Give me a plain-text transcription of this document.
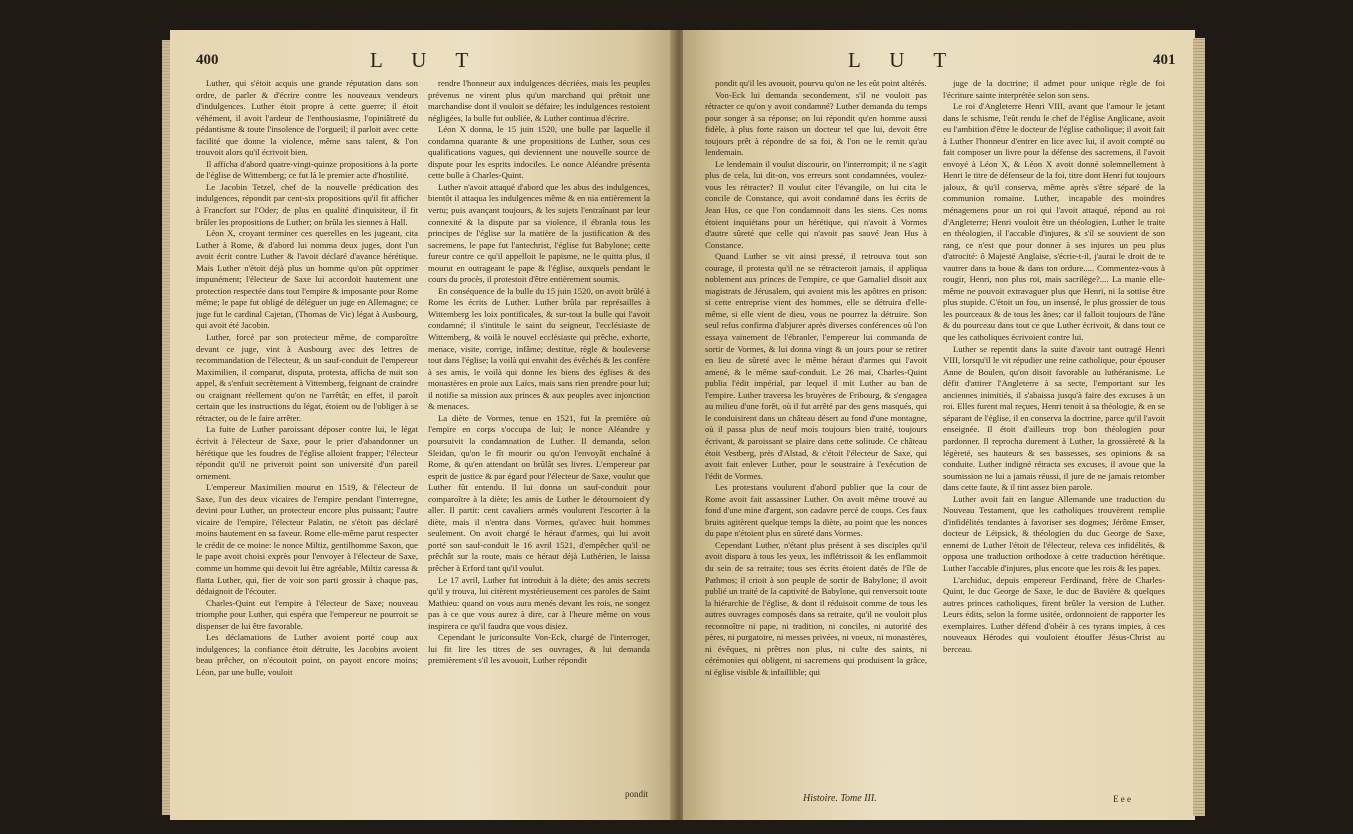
400	L U T

Luther, qui s'étoit acquis une grande réputation dans son ordre, de parler & d'écrire contre les nouveaux vendeurs d'indulgences. Luther étoit propre à cette guerre; il étoit véhément, il avoit l'ardeur de l'enthousiasme, l'opiniâtreté du pédantisme & toute l'insolence de l'orgueil; il parloit avec cette facilité que donne la violence, même sans talent, & l'on trouvoit alors qu'il écrivoit bien.

Il afficha d'abord quatre-vingt-quinze propositions à la porte de l'église de Wittemberg; ce fut là le premier acte d'hostilité.

Le Jacobin Tetzel, chef de la nouvelle prédication des indulgences, répondit par cent-six propositions qu'il fit afficher à Francfort sur l'Oder; de plus en qualité d'inquisiteur, il fit brûler les propositions de Luther; on brûla les siennes à Hall.

Léon X, croyant terminer ces querelles en les jugeant, cita Luther à Rome, & d'abord lui nomma deux juges, dont l'un avoit écrit contre Luther & l'avoit déclaré d'avance hérétique. Mais Luther n'étoit déjà plus un homme qu'on pût opprimer impunément; l'électeur de Saxe lui accordoit hautement une protection respectée dans tout l'empire & imposante pour Rome même; le pape fut obligé de déléguer un juge en Allemagne; ce juge fut le cardinal Cajetan, (Thomas de Vic) légat à Ausbourg, qui avoit été Jacobin.

Luther, forcé par son protecteur même, de comparoître devant ce juge, vint à Ausbourg avec des lettres de recommandation de l'électeur, & un sauf-conduit de l'empereur Maximilien, il comparut, disputa, protesta, afficha de nuit son appel, & s'enfuit secrètement à Vittemberg, feignant de craindre ou craignant réellement qu'on ne l'arrêtât; en effet, il paroît certain que les instructions du légat, étoient ou de l'obliger à se rétracter, ou de le faire arrêter.

La fuite de Luther paroissant déposer contre lui, le légat écrivit à l'électeur de Saxe, pour le prier d'abandonner un hérétique que les foudres de l'église alloient frapper; l'électeur répondit qu'il ne priveroit point son université d'un pareil ornement.

L'empereur Maximilien mourut en 1519, & l'électeur de Saxe, l'un des deux vicaires de l'empire pendant l'interregne, devint pour Luther, un protecteur encore plus puissant; l'autre vicaire de l'empire, l'électeur Palatin, ne s'étoit pas déclaré moins hautement en sa faveur. Rome elle-même parut respecter le crédit de ce moine: le nonce Miltiz, gentilhomme Saxon, que le pape avoit choisi exprès pour l'envoyer à l'électeur de Saxe, comme un homme qui devoit lui être agréable, Miltiz caressa & flatta Luther, qui, fier de voir son parti grossir à chaque pas, dédaignoit de l'écouter.

Charles-Quint eut l'empire à l'électeur de Saxe; nouveau triomphe pour Luther, qui espéra que l'empereur ne pourroit se dispenser de lui être favorable.

Les déclamations de Luther avoient porté coup aux indulgences; la confiance étoit détruite, les Jacobins avoient beau prêcher, on n'écoutoit point, on payoit encore moins; Léon, par une bulle, vouloit

rendre l'honneur aux indulgences décriées, mais les peuples prévenus ne virent plus qu'un marchand qui prêtoit une marchandise dont il vouloit se défaire; les indulgences restoient négligées, la bulle fut oubliée, & Luther continua d'écrire.

Léon X donna, le 15 juin 1520, une bulle par laquelle il condamna quarante & une propositions de Luther, sous ces qualifications vagues, qui deviennent une nouvelle source de dispute pour les esprits indociles. Le nonce Aléandre présenta cette bulle à Charles-Quint.

Luther n'avoit attaqué d'abord que les abus des indulgences, bientôt il attaqua les indulgences même & en nia entièrement la vertu; puis avançant toujours, & les sujets l'entraînant par leur connexité & la dispute par sa violence, il ébranla tous les principes de l'église sur la matière de la justification & des sacremens, le pape fut l'antechrist, l'église fut Babylone; cette fureur contre ce qu'il appelloit le papisme, ne le quitta plus, il mourut en outrageant le pape & l'église, auxquels pendant le cours du procès, il protestoit d'être entièrement soumis.

En conséquence de la bulle du 15 juin 1520, on avoit brûlé à Rome les écrits de Luther. Luther brûla par représailles à Wittemberg les loix pontificales, & sur-tout la bulle qui l'avoit condamné; il s'intitule le saint du seigneur, l'ecclésiaste de Wittemberg, & voilà le nouvel ecclésiaste qui prêche, exhorte, menace, visite, corrige, infâme; destitue, règle & bouleverse tout dans l'église; la voilà qui envahit des évêchés & les confère à ses amis, le voilà qui donne les biens des églises & des monastères en proie aux Laïcs, mais sans rien prendre pour lui; il notifie sa mission aux princes & aux peuples avec injonction & menaces.

La diète de Vormes, tenue en 1521, fut la première où l'empire en corps s'occupa de lui; le nonce Aléandre y poursuivit la condamnation de Luther. Il demanda, selon Sleidan, qu'on le fît mourir ou qu'on l'envoyât enchaîné à Rome, & qu'en attendant on brûlât ses livres. L'empereur par esprit de justice & par égard pour l'électeur de Saxe, voulut que Luther fût entendu. Il lui donna un sauf-conduit pour comparoître à la diète; les amis de Luther le détournoient d'y aller. Il partit: cent cavaliers armés voulurent l'escorter à la diète, mais il n'entra dans Vormes, qu'avec huit hommes seulement. On avoit chargé le héraut d'armes, qui lui avoit porté son sauf-conduit le 16 avril 1521, d'empêcher qu'il ne prêchât sur la route, mais ce héraut déjà Luthérien, le laissa prêcher à Erford tant qu'il voulut.

Le 17 avril, Luther fut introduit à la diète; des amis secrets qu'il y trouva, lui citèrent mystérieusement ces paroles de Saint Mathieu: quand on vous aura menés devant les rois, ne songez pas à ce que vous aurez à dire, car à l'heure même on vous inspirera ce qu'il faudra que vous disiez.

Cependant le juriconsulte Von-Eck, chargé de l'interroger, lui fit lire les titres de ses ouvrages, & lui demanda premièrement s'il les avouoit, Luther répondit

pondit
L U T	401

pondit qu'il les avouoit, pourvu qu'on ne les eût point altérés.

Von-Eck lui demanda secondement, s'il ne vouloit pas rétracter ce qu'on y avoit condamné? Luther demanda du temps pour songer à sa réponse; on lui répondit qu'en homme aussi fidèle, à plus forte raison un docteur tel que lui, devoit être toujours prêt à répondre de sa foi, & l'on ne le remit qu'au lendemain.

Le lendemain il voulut discourir, on l'interrompit; il ne s'agit plus de cela, lui dit-on, vos erreurs sont condamnées, voulez-vous les rétracter? Il voulut citer l'évangile, on lui cita le concile de Constance, qui avoit condamné dans les écrits de Jean Hus, ce que l'on condamnoit dans les siens. Ces noms étoient inquiétans pour un hérétique, qui n'avoit à Vormes d'autre sûreté que celle qui n'avoit pas sauvé Jean Hus à Constance.

Quand Luther se vit ainsi pressé, il retrouva tout son courage, il protesta qu'il ne se rétracteroit jamais, il appliqua noblement aux princes de l'empire, ce que Gamaliel disoit aux magistrats de Jérusalem, qui avoient mis les apôtres en prison: si cette entreprise vient des hommes, elle se détruira d'elle-même, si elle vient de dieu, vous ne pourrez la détruire. Son seul refus confirma d'abjurer après diverses conférences où l'on essaya vainement de l'ébranler, l'empereur lui commanda de sortir de Vormes, & lui donna vingt & un jours pour se retirer en lieu de sûreté avec le même héraut d'armes qui l'avoit amené, & le même sauf-conduit. Le 26 mai, Charles-Quint publia l'édit impérial, par lequel il mit Luther au ban de l'empire. Luther traversa les bruyères de Fribourg, & s'engagea au milieu d'une forêt, où il fut arrêté par des gens masqués, qui le conduisirent dans un château désert au fond d'une montagne, où il passa plus de neuf mois toujours bien traité, toujours écrivant, & paroissant se plaire dans cette solitude. Ce château étoit Vestberg, près d'Alstad, & c'étoit l'électeur de Saxe, qui avoit fait enlever Luther, pour le soustraire à l'exécution de l'édit de Vormes.

Les protestans voulurent d'abord publier que la cour de Rome avoit fait assassiner Luther. On avoit même trouvé au fond d'une mine d'argent, son cadavre percé de coups. Ces faux bruits agitèrent quelque temps la diète, au point que les nonces du pape n'étoient plus en sûreté dans Vormes.

Cependant Luther, n'étant plus présent à ses disciples qu'il avoit disparu à tous les yeux, les inflétrissoit & les enflammoit du sein de sa retraite; tous ses écrits étoient datés de l'île de Pathmos; il crioit à son peuple de sortir de Babylone; il avoit publié un traité de la captivité de Babylone, qui renversoit toute la hiérarchie de l'église, & dont il réduisoit comme de tous les autres ouvrages composés dans sa retraite, qu'il ne vouloit plus reconnoître ni pape, ni tradition, ni conciles, ni autorité des pères, ni purgatoire, ni messes privées, ni voeux, ni monastères, ni évêques, ni prêtres non plus, ni culte des saints, ni cérémonies qui obligent, ni sacremens qui produisent la grâce, ni église visible & infaillible; qui

juge de la doctrine; il admet pour unique règle de foi l'écriture sainte interprétée selon son sens.

Le roi d'Angleterre Henri VIII, avant que l'amour le jetant dans le schisme, l'eût rendu le chef de l'église Anglicane, avoit eu l'ambition d'être le docteur de l'église catholique; il avoit fait à Luther l'honneur d'entrer en lice avec lui, il avoit compté ou fait composer un livre pour la défense des sacremens, il l'avoit envoyé à Léon X, & Léon X avoit donné solemnellement à Henri le titre de défenseur de la foi, titre dont Henri fut toujours jaloux, & qu'il conserva, même après s'être séparé de la communion romaine. Luther, incapable des moindres ménagemens pour un roi qui l'avoit attaqué, répond au roi d'Angleterre; Henri vouloit être un théologien, Luther le traite en théologien, il l'accable d'injures, & s'il se souvient de son rang, ce n'est que pour donner à ses injures un peu plus d'atrocité: ô Majesté Anglaise, s'écrie-t-il, j'aurai le droit de te vautrer dans ta boue & dans ton ordure..... Commentez-vous à rougir, Henri, non plus roi, mais sacrilège?.... La manie elle-même ne pouvoit extravaguer plus que Henri, ni la sottise être plus stupide. C'étoit un fou, un insensé, le plus grossier de tous les pourceaux & de tous les ânes; car il falloit toujours de l'âne & du pourceau dans tout ce que Luther écrivoit, & dans tout ce que les catholiques écrivoient contre lui.

Luther se repentit dans la suite d'avoir tant outragé Henri VIII, lorsqu'il le vit répudier une reine catholique, pour épouser Anne de Boulen, qu'on disoit favorable au luthéranisme. Le défit d'attirer l'Angleterre à sa secte, l'emportant sur les anciennes inimitiés, il s'abaissa jusqu'à faire des excuses à un roi. Elles furent mal reçues, Henri tenoit à sa théologie, & en se séparant de l'église, il en conserva la doctrine, parce qu'il l'avoit enseignée. Il étoit d'ailleurs trop bon théologien pour pardonner. Il reprocha durement à Luther, la grossièreté & la légèreté, ses hauteurs & ses bassesses, ses opinions & sa conduite. Luther indigné rétracta ses excuses, il avoue que la soumission ne lui a jamais réussi, il jure de ne jamais retomber dans cette faute, & il tint assez bien parole.

Luther avoit fait en langue Allemande une traduction du Nouveau Testament, que les catholiques trouvèrent remplie d'infidélités tendantes à favoriser ses dogmes; Jérôme Emser, docteur de Léipsick, & théologien du duc George de Saxe, ennemi de Luther l'étoit de l'électeur, releva ces infidélités, & opposa une traduction orthodoxe à cette traduction hérétique. Luther l'accable d'injures, plus encore que les rois & les papes.

L'archiduc, depuis empereur Ferdinand, frère de Charles-Quint, le duc George de Saxe, le duc de Bavière & quelques autres princes catholiques, firent brûler la version de Luther. Leurs édits, selon la forme usitée, ordonnoient de rapporter les exemplaires. Luther défend d'obéir à ces tyrans impies, à ces nouveaux Hérodes qui vouloient étouffer Jésus-Christ au berceau.

Histoire. Tome III.	E e e
